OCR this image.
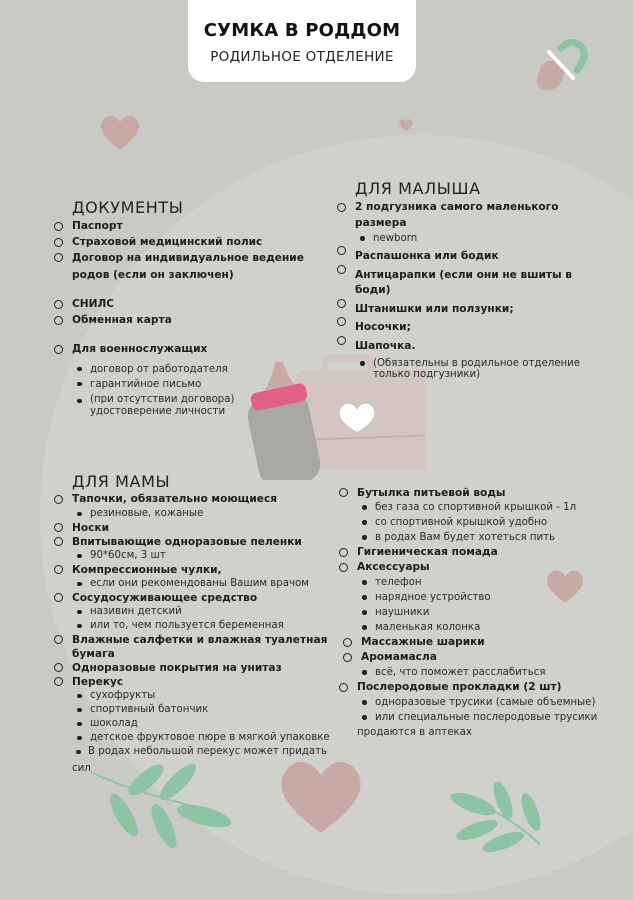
СУМКА В РОДДОМ
РОДИЛЬНОЕ ОТДЕЛЕНИЕ
ДОКУМЕНТЫ
Паспорт
Страховой медицинский полис
Договор на индивидуальное ведение родов (если он заключен)
СНИЛС
Обменная карта
Для военнослужащих
договор от работодателя
гарантийное письмо
(при отсутствии договора) удостоверение личности
ДЛЯ МАЛЫША
2 подгузника самого маленького размера
newborn
Распашонка или бодик
Антицарапки (если они не вшиты в боди)
Штанишки или ползунки;
Носочки;
Шапочка.
(Обязательны в родильное отделение только подгузники)
ДЛЯ МАМЫ
Тапочки, обязательно моющиеся
резиновые, кожаные
Носки
Впитывающие одноразовые пеленки
90*60см, 3 шт
Компрессионные чулки,
если они рекомендованы Вашим врачом
Сосудосуживающее средство
називин детский
или то, чем пользуется беременная
Влажные салфетки и влажная туалетная бумага
Одноразовые покрытия на унитаз
Перекус
сухофрукты
спортивный батончик
шоколад
детское фруктовое пюре в мягкой упаковке
В родах небольшой перекус может придать
сил
Бутылка питьевой воды
без газа со спортивной крышкой - 1л
со спортивной крышкой удобно
в родах Вам будет хотеться пить
Гигиеническая помада
Аксессуары
телефон
нарядное устройство
наушники
маленькая колонка
Массажные шарики
Аромамасла
всё, что поможет расслабиться
Послеродовые прокладки (2 шт)
одноразовые трусики (самые объемные)
или специальные послеродовые трусики
продаются в аптеках
